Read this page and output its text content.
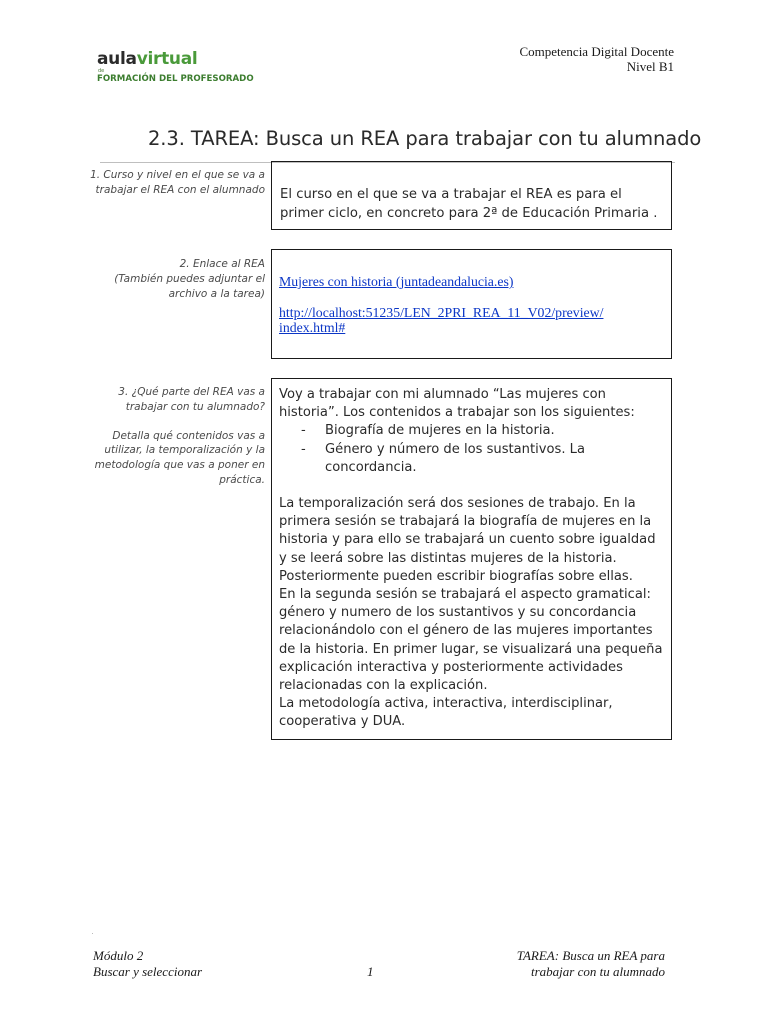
aulavirtual
de
FORMACIÓN DEL PROFESORADO
Competencia Digital Docente
Nivel B1
2.3. TAREA: Busca un REA para trabajar con tu alumnado

1. Curso y nivel en el que se va a

trabajar el REA con el alumnado El curso en el que se va a trabajar el REA es para el primer ciclo, en concreto para 2ª de Educación Primaria .

2. Enlace al REA

(También puedes adjuntar el

archivo a la tarea)

Mujeres con historia (juntadeandalucia.es)
http://localhost:51235/LEN_2PRI_REA_11_V02/preview/
index.html#

3. ¿Qué parte del REA vas a

trabajar con tu alumnado?

Detalla qué contenidos vas a

utilizar, la temporalización y la

metodología que vas a poner en

práctica.

Voy a trabajar con mi alumnado “Las mujeres con historia”. Los contenidos a trabajar son los siguientes:

- Biografía de mujeres en la historia.
- Género y número de los sustantivos. La concordancia.

La temporalización será dos sesiones de trabajo. En la primera sesión se trabajará la biografía de mujeres en la historia y para ello se trabajará un cuento sobre igualdad y se leerá sobre las distintas mujeres de la historia. Posteriormente pueden escribir biografías sobre ellas.

En la segunda sesión se trabajará el aspecto gramatical: género y numero de los sustantivos y su concordancia relacionándolo con el género de las mujeres importantes de la historia. En primer lugar, se visualizará una pequeña explicación interactiva y posteriormente actividades relacionadas con la explicación.

La metodología activa, interactiva, interdisciplinar, cooperativa y DUA.

Módulo 2
Buscar y seleccionar	1
TAREA: Busca un REA para
trabajar con tu alumnado
